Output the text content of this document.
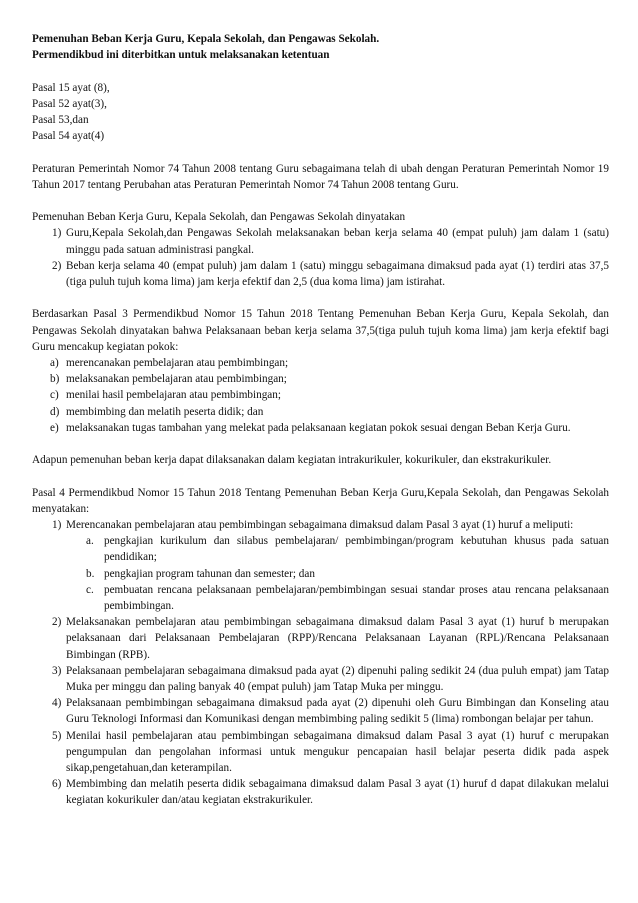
Pemenuhan Beban Kerja Guru, Kepala Sekolah, dan Pengawas Sekolah.

Permendikbud ini diterbitkan untuk melaksanakan ketentuan

Pasal 15 ayat (8),

Pasal 52 ayat(3),

Pasal 53,dan

Pasal 54 ayat(4)

Peraturan Pemerintah Nomor 74 Tahun 2008 tentang Guru sebagaimana telah di ubah dengan Peraturan Pemerintah Nomor 19 Tahun 2017 tentang Perubahan atas Peraturan Pemerintah Nomor 74 Tahun 2008 tentang Guru.

Pemenuhan Beban Kerja Guru, Kepala Sekolah, dan Pengawas Sekolah dinyatakan

1) Guru,Kepala Sekolah,dan Pengawas Sekolah melaksanakan beban kerja selama 40 (empat puluh) jam dalam 1 (satu) minggu pada satuan administrasi pangkal.
2) Beban kerja selama 40 (empat puluh) jam dalam 1 (satu) minggu sebagaimana dimaksud pada ayat (1) terdiri atas 37,5 (tiga puluh tujuh koma lima) jam kerja efektif dan 2,5 (dua koma lima) jam istirahat.

Berdasarkan Pasal 3 Permendikbud Nomor 15 Tahun 2018 Tentang Pemenuhan Beban Kerja Guru, Kepala Sekolah, dan Pengawas Sekolah dinyatakan bahwa Pelaksanaan beban kerja selama 37,5(tiga puluh tujuh koma lima) jam kerja efektif bagi Guru mencakup kegiatan pokok:

a) merencanakan pembelajaran atau pembimbingan;
b) melaksanakan pembelajaran atau pembimbingan;
c) menilai hasil pembelajaran atau pembimbingan;
d) membimbing dan melatih peserta didik; dan
e) melaksanakan tugas tambahan yang melekat pada pelaksanaan kegiatan pokok sesuai dengan Beban Kerja Guru.

Adapun pemenuhan beban kerja dapat dilaksanakan dalam kegiatan intrakurikuler, kokurikuler, dan ekstrakurikuler.

Pasal 4 Permendikbud Nomor 15 Tahun 2018 Tentang Pemenuhan Beban Kerja Guru,Kepala Sekolah, dan Pengawas Sekolah menyatakan:

1) Merencanakan pembelajaran atau pembimbingan sebagaimana dimaksud dalam Pasal 3 ayat (1) huruf a meliputi:
a. pengkajian kurikulum dan silabus pembelajaran/ pembimbingan/program kebutuhan khusus pada satuan pendidikan;
b. pengkajian program tahunan dan semester; dan
c. pembuatan rencana pelaksanaan pembelajaran/pembimbingan sesuai standar proses atau rencana pelaksanaan pembimbingan.
2) Melaksanakan pembelajaran atau pembimbingan sebagaimana dimaksud dalam Pasal 3 ayat (1) huruf b merupakan pelaksanaan dari Pelaksanaan Pembelajaran (RPP)/Rencana Pelaksanaan Layanan (RPL)/Rencana Pelaksanaan Bimbingan (RPB).
3) Pelaksanaan pembelajaran sebagaimana dimaksud pada ayat (2) dipenuhi paling sedikit 24 (dua puluh empat) jam Tatap Muka per minggu dan paling banyak 40 (empat puluh) jam Tatap Muka per minggu.
4) Pelaksanaan pembimbingan sebagaimana dimaksud pada ayat (2) dipenuhi oleh Guru Bimbingan dan Konseling atau Guru Teknologi Informasi dan Komunikasi dengan membimbing paling sedikit 5 (lima) rombongan belajar per tahun.
5) Menilai hasil pembelajaran atau pembimbingan sebagaimana dimaksud dalam Pasal 3 ayat (1) huruf c merupakan pengumpulan dan pengolahan informasi untuk mengukur pencapaian hasil belajar peserta didik pada aspek sikap,pengetahuan,dan keterampilan.
6) Membimbing dan melatih peserta didik sebagaimana dimaksud dalam Pasal 3 ayat (1) huruf d dapat dilakukan melalui kegiatan kokurikuler dan/atau kegiatan ekstrakurikuler.
